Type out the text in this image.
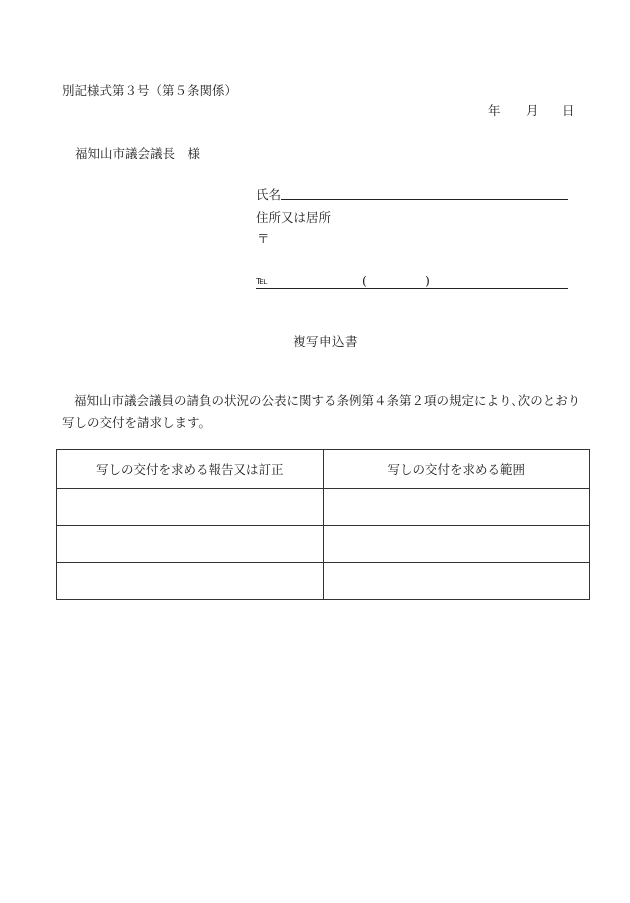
別記様式第３号（第５条関係）
年 月 日
福知山市議会議長　様
氏名
住所又は居所
〒
℡	(	)
複写申込書
福知山市議会議員の請負の状況の公表に関する条例第４条第２項の規定により､次のとおり写しの交付を請求します。
写しの交付を求める報告又は訂正	写しの交付を求める範囲
